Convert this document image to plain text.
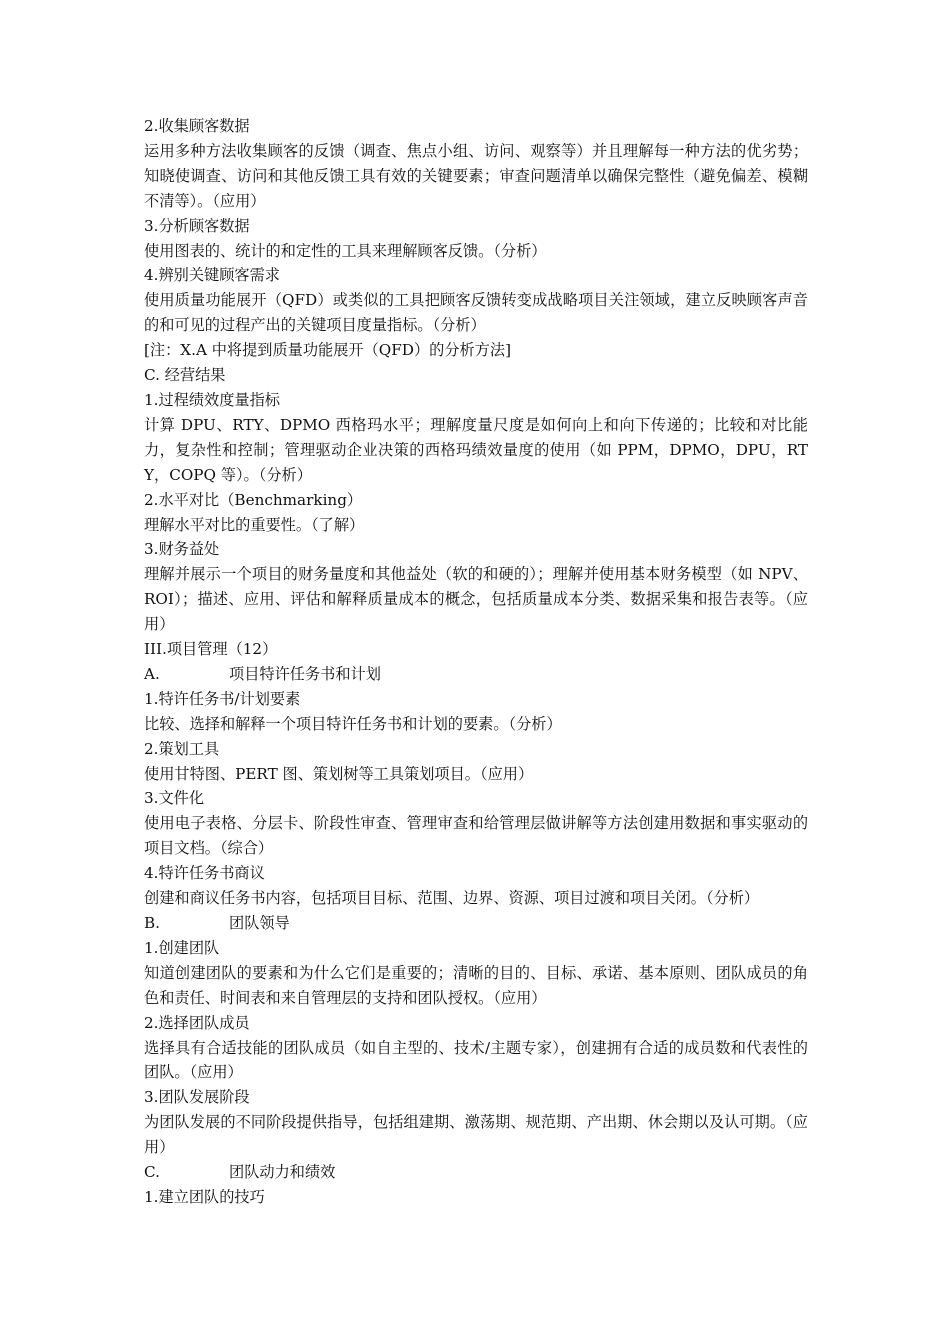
2.收集顾客数据
运用多种方法收集顾客的反馈（调查、焦点小组、访问、观察等）并且理解每一种方法的优劣势；知晓使调查、访问和其他反馈工具有效的关键要素；审查问题清单以确保完整性（避免偏差、模糊不清等）。（应用）
3.分析顾客数据
使用图表的、统计的和定性的工具来理解顾客反馈。（分析）
4.辨别关键顾客需求
使用质量功能展开（QFD）或类似的工具把顾客反馈转变成战略项目关注领域，建立反映顾客声音的和可见的过程产出的关键项目度量指标。（分析）
[注：X.A 中将提到质量功能展开（QFD）的分析方法]
C. 经营结果
1.过程绩效度量指标
计算 DPU、RTY、DPMO 西格玛水平；理解度量尺度是如何向上和向下传递的；比较和对比能力，复杂性和控制；管理驱动企业决策的西格玛绩效量度的使用（如 PPM，DPMO，DPU，RTY，COPQ 等）。（分析）
2.水平对比（Benchmarking）
理解水平对比的重要性。（了解）
3.财务益处
理解并展示一个项目的财务量度和其他益处（软的和硬的）；理解并使用基本财务模型（如 NPV、ROI）；描述、应用、评估和解释质量成本的概念，包括质量成本分类、数据采集和报告表等。（应用）
III.项目管理（12）
A.	项目特许任务书和计划
1.特许任务书/计划要素
比较、选择和解释一个项目特许任务书和计划的要素。（分析）
2.策划工具
使用甘特图、PERT 图、策划树等工具策划项目。（应用）
3.文件化
使用电子表格、分层卡、阶段性审查、管理审查和给管理层做讲解等方法创建用数据和事实驱动的项目文档。（综合）
4.特许任务书商议
创建和商议任务书内容，包括项目目标、范围、边界、资源、项目过渡和项目关闭。（分析）
B.	团队领导
1.创建团队
知道创建团队的要素和为什么它们是重要的；清晰的目的、目标、承诺、基本原则、团队成员的角色和责任、时间表和来自管理层的支持和团队授权。（应用）
2.选择团队成员
选择具有合适技能的团队成员（如自主型的、技术/主题专家），创建拥有合适的成员数和代表性的团队。（应用）
3.团队发展阶段
为团队发展的不同阶段提供指导，包括组建期、激荡期、规范期、产出期、休会期以及认可期。（应用）
C.	团队动力和绩效
1.建立团队的技巧
